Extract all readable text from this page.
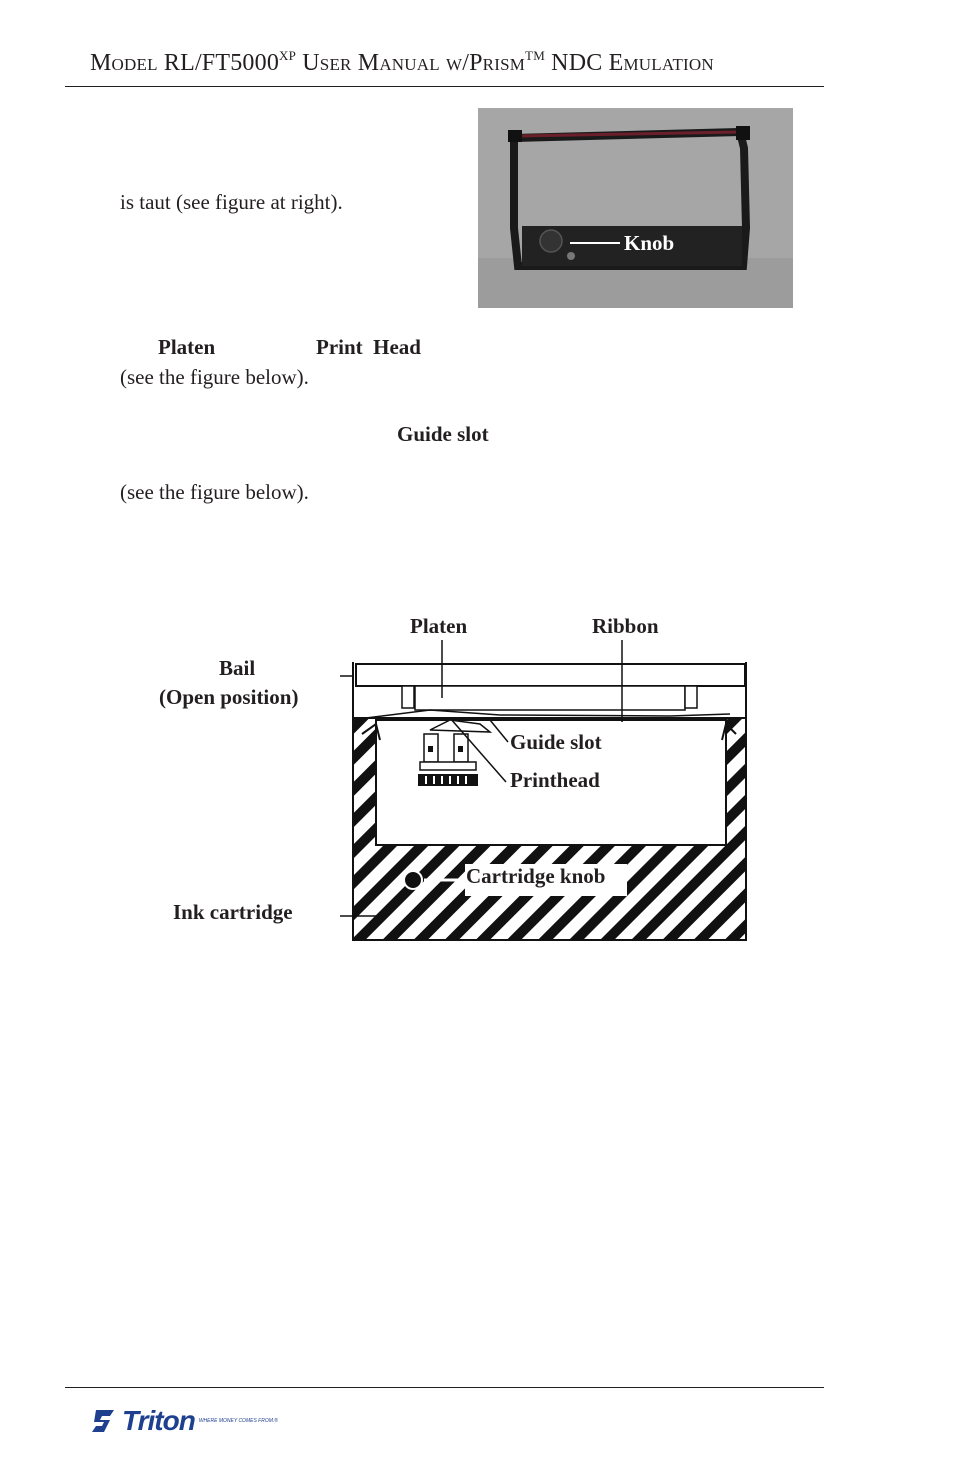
Model $RL/FT5000^{XP}$ User Manual w/Prism™ NDC Emulation
is taut (see figure at right).
Knob
Platen	Print  Head
(see the figure below).
Guide slot
(see the figure below).
Platen	Ribbon
Bail
(Open position)
Guide slot
Printhead
Cartridge knob
Ink cartridge
Triton WHERE MONEY COMES FROM.®
